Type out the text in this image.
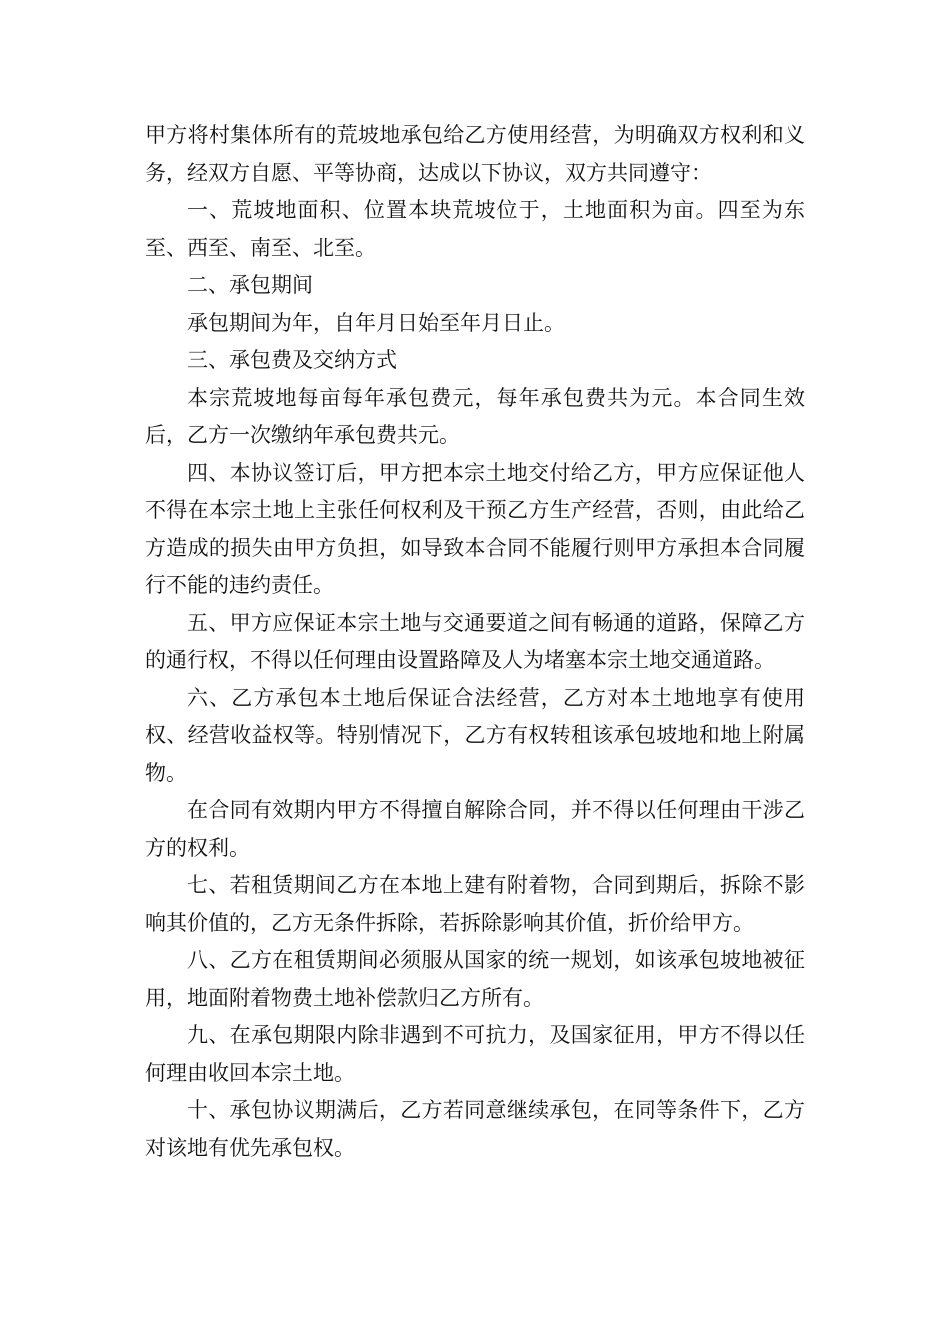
甲方将村集体所有的荒坡地承包给乙方使用经营，为明确双方权利和义务，经双方自愿、平等协商，达成以下协议，双方共同遵守：

一、荒坡地面积、位置本块荒坡位于，土地面积为亩。四至为东至、西至、南至、北至。

二、承包期间

承包期间为年，自年月日始至年月日止。

三、承包费及交纳方式

本宗荒坡地每亩每年承包费元，每年承包费共为元。本合同生效后，乙方一次缴纳年承包费共元。

四、本协议签订后，甲方把本宗土地交付给乙方，甲方应保证他人不得在本宗土地上主张任何权利及干预乙方生产经营，否则，由此给乙方造成的损失由甲方负担，如导致本合同不能履行则甲方承担本合同履行不能的违约责任。

五、甲方应保证本宗土地与交通要道之间有畅通的道路，保障乙方的通行权，不得以任何理由设置路障及人为堵塞本宗土地交通道路。

六、乙方承包本土地后保证合法经营，乙方对本土地地享有使用权、经营收益权等。特别情况下，乙方有权转租该承包坡地和地上附属物。

在合同有效期内甲方不得擅自解除合同，并不得以任何理由干涉乙方的权利。

七、若租赁期间乙方在本地上建有附着物，合同到期后，拆除不影响其价值的，乙方无条件拆除，若拆除影响其价值，折价给甲方。

八、乙方在租赁期间必须服从国家的统一规划，如该承包坡地被征用，地面附着物费土地补偿款归乙方所有。

九、在承包期限内除非遇到不可抗力，及国家征用，甲方不得以任何理由收回本宗土地。

十、承包协议期满后，乙方若同意继续承包，在同等条件下，乙方对该地有优先承包权。
